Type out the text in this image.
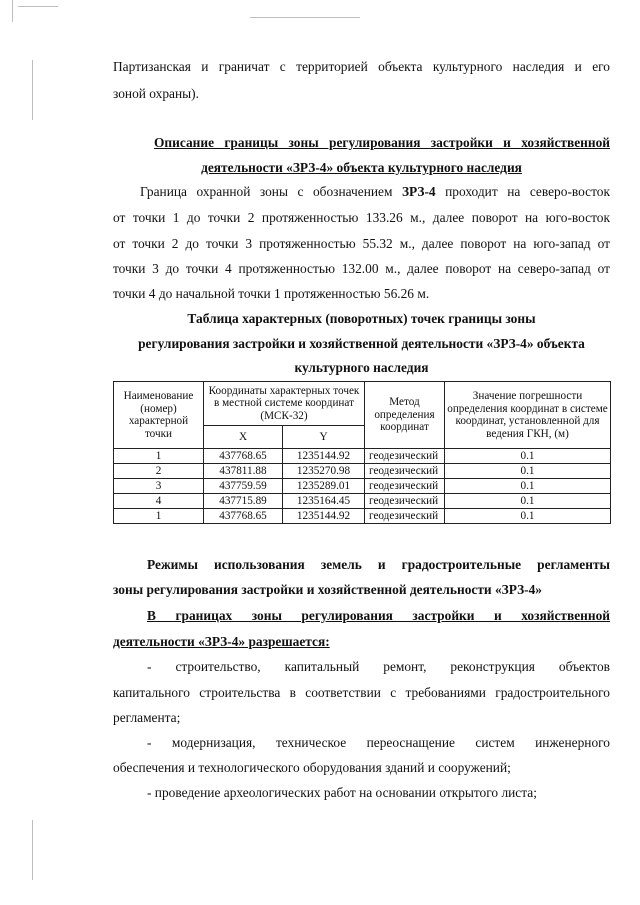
Партизанская и граничат с территорией объекта культурного наследия и его
зоной охраны).
Описание границы зоны регулирования застройки и хозяйственной
деятельности «ЗРЗ-4» объекта культурного наследия
Граница охранной зоны с обозначением ЗРЗ-4 проходит на северо-восток
от точки 1 до точки 2 протяженностью 133.26 м., далее поворот на юго-восток
от точки 2 до точки 3 протяженностью 55.32 м., далее поворот на юго-запад от
точки 3 до точки 4 протяженностью 132.00 м., далее поворот на северо-запад от
точки 4 до начальной точки 1 протяженностью 56.26 м.
Таблица характерных (поворотных) точек границы зоны
регулирования застройки и хозяйственной деятельности «ЗРЗ-4» объекта
культурного наследия
Наименование (номер) характерной точки	Координаты характерных точек в местной системе координат (МСК-32)		Метод определения координат	Значение погрешности определения координат в системе координат, установленной для ведения ГКН, (м)
	X	Y		
1	437768.65	1235144.92	геодезический	0.1
2	437811.88	1235270.98	геодезический	0.1
3	437759.59	1235289.01	геодезический	0.1
4	437715.89	1235164.45	геодезический	0.1
1	437768.65	1235144.92	геодезический	0.1
Режимы использования земель и градостроительные регламенты
зоны регулирования застройки и хозяйственной деятельности «ЗРЗ-4»
В границах зоны регулирования застройки и хозяйственной
деятельности «ЗРЗ-4» разрешается:
- строительство, капитальный ремонт, реконструкция объектов
капитального строительства в соответствии с требованиями градостроительного
регламента;
- модернизация, техническое переоснащение систем инженерного
обеспечения и технологического оборудования зданий и сооружений;
- проведение археологических работ на основании открытого листа;
